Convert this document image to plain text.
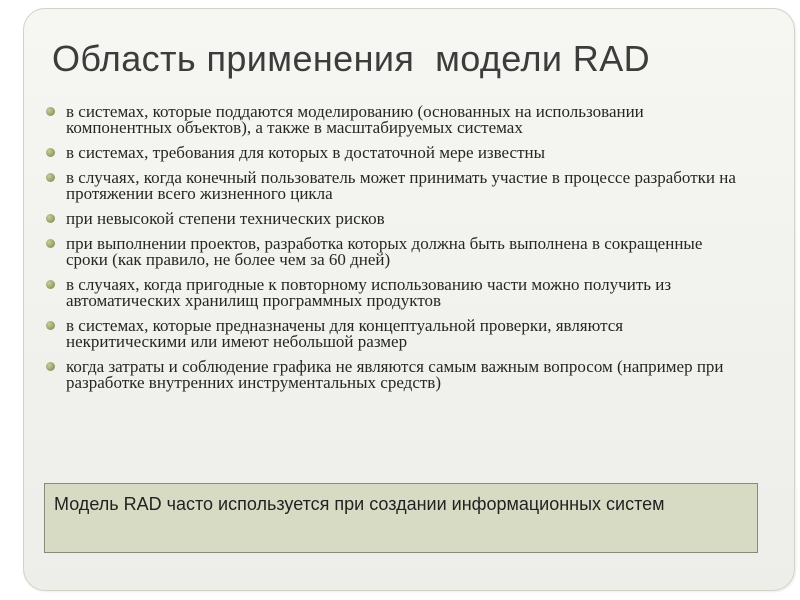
Область применения  модели RAD
в системах, которые поддаются моделированию (основанных на использовании компонентных объектов), а также в масштабируемых системах
в системах, требования для которых в достаточной мере известны
в случаях, когда конечный пользователь может принимать участие в процессе разработки на протяжении всего жизненного цикла
при невысокой степени технических рисков
при выполнении проектов, разработка которых должна быть выполнена в сокращенные сроки (как правило, не более чем за 60 дней)
в случаях, когда пригодные к повторному использованию части можно получить из автоматических хранилищ программных продуктов
в системах, которые предназначены для концептуальной проверки, являются некритическими или имеют небольшой размер
когда затраты и соблюдение графика не являются самым важным вопросом (например при разработке внутренних инструментальных средств)
Модель RAD часто используется при создании информационных систем
